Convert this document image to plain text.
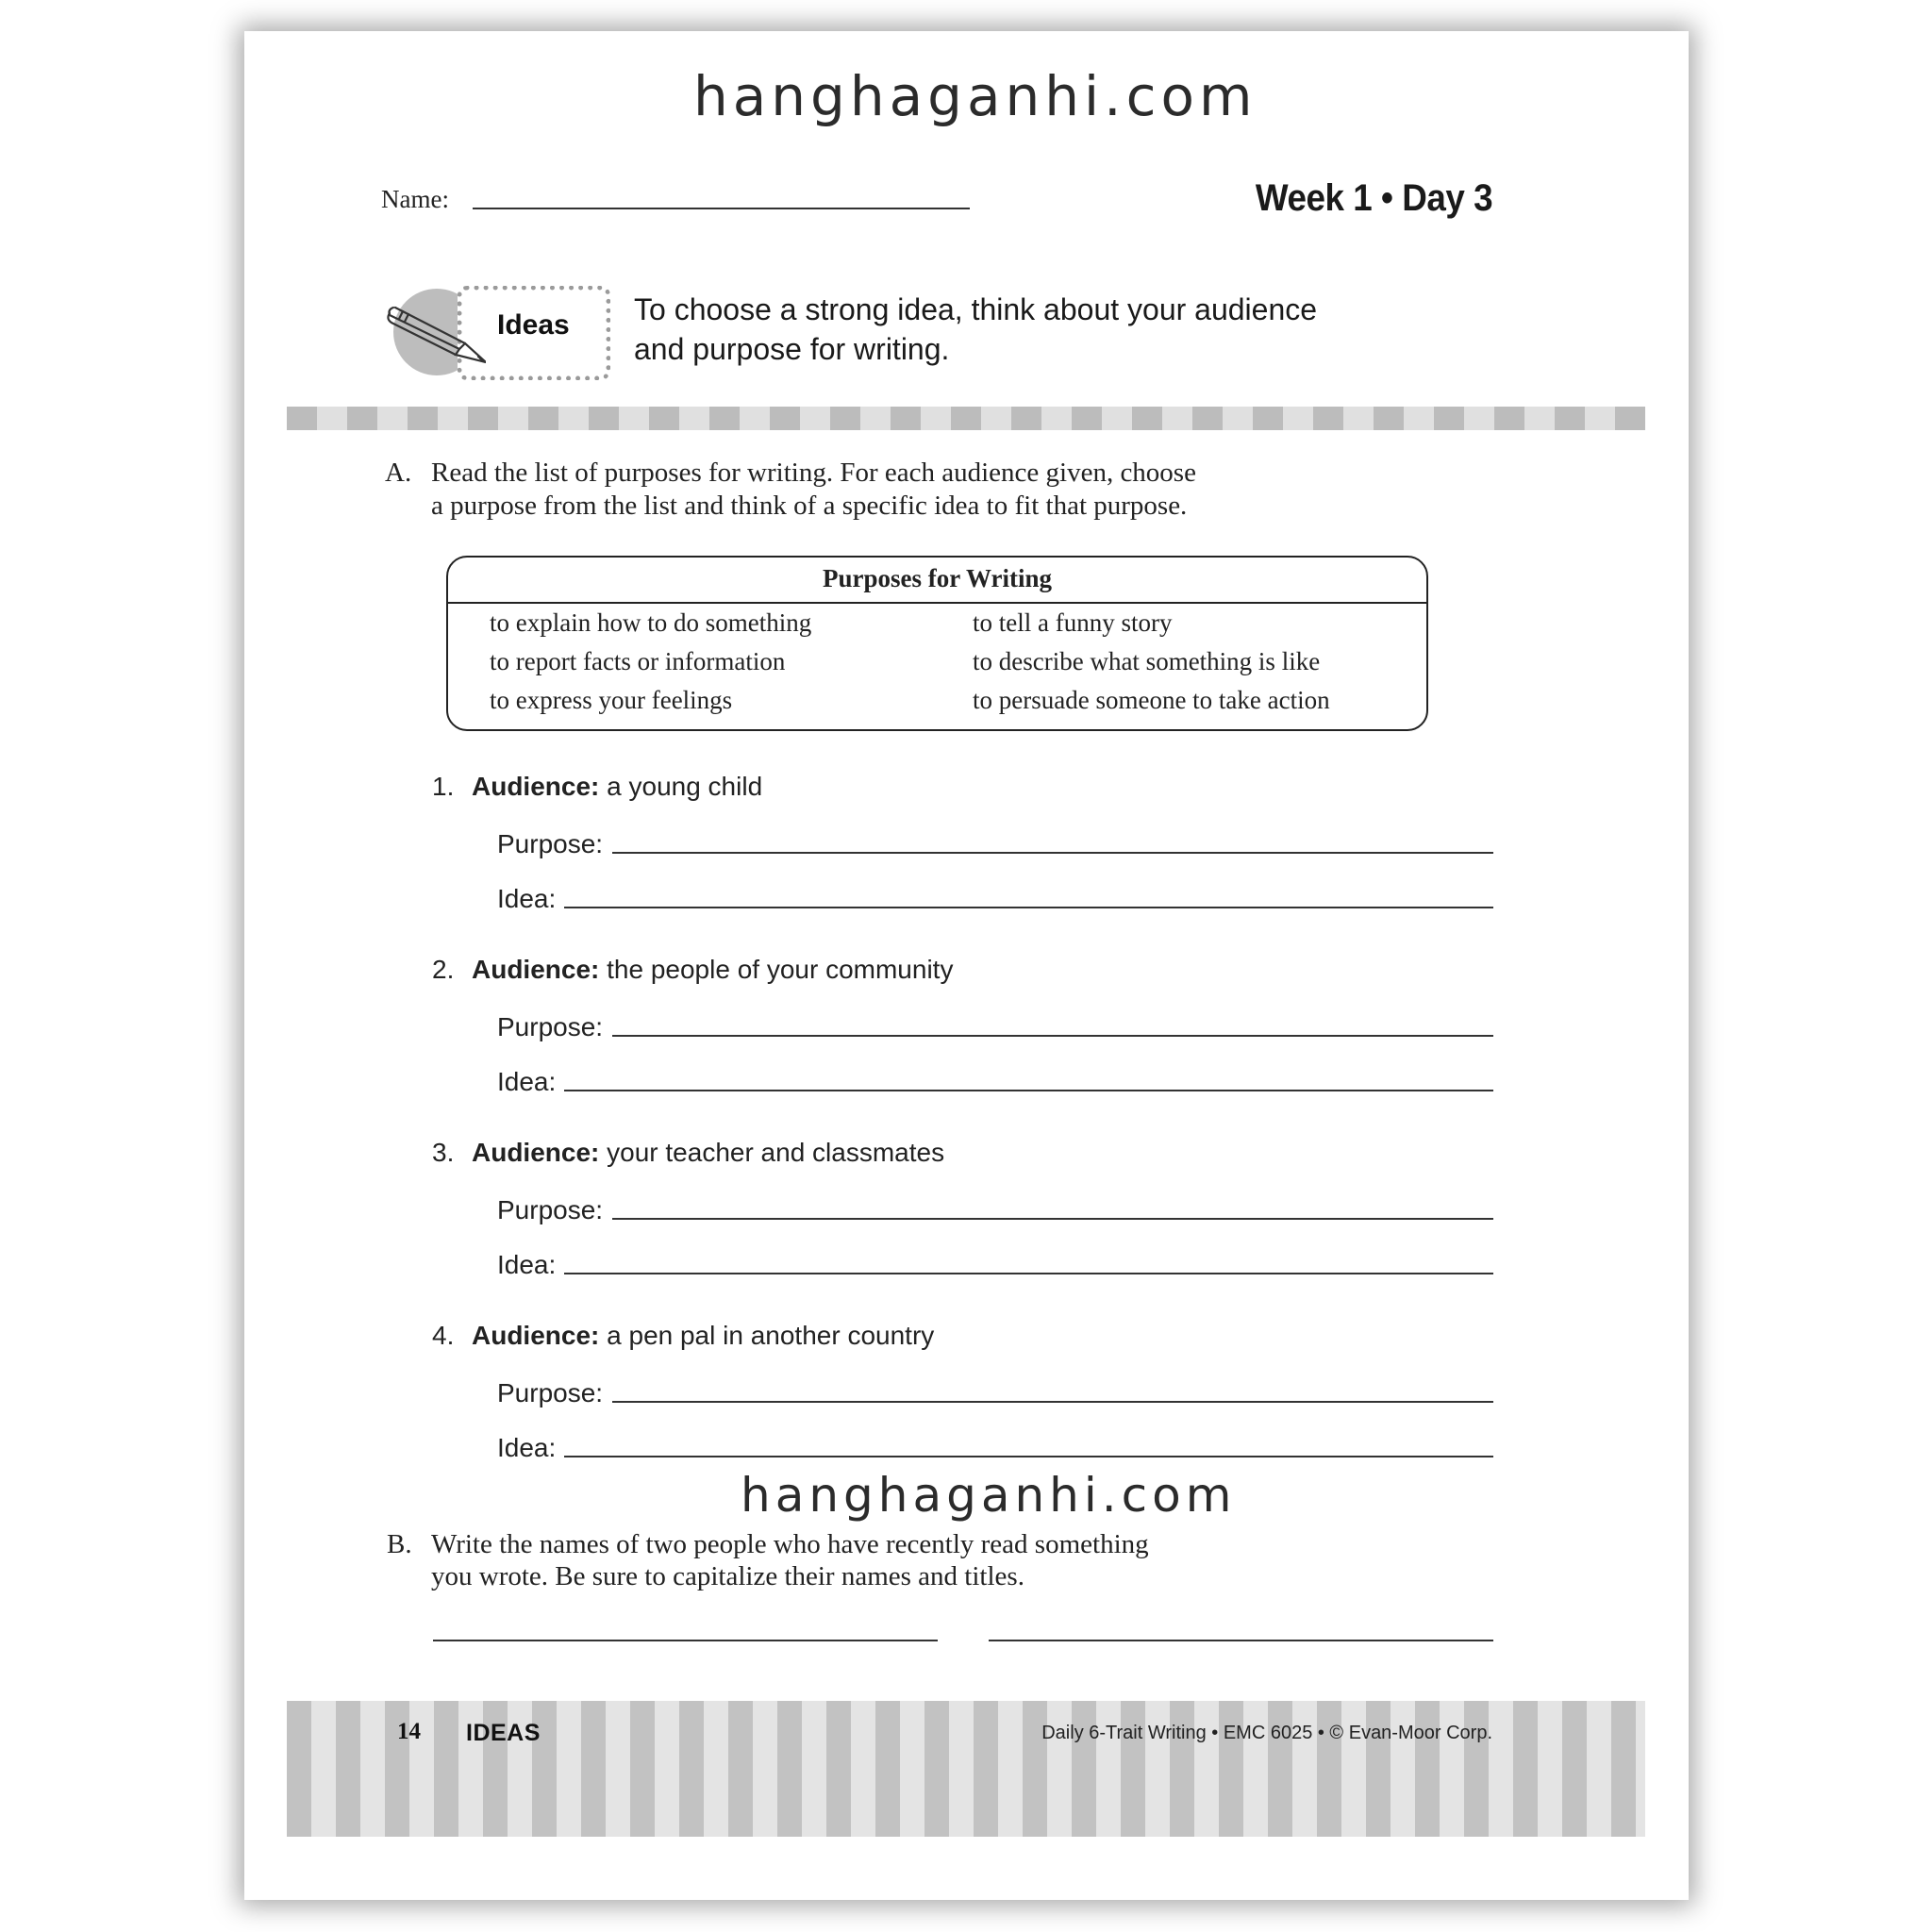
hanghaganhi.com
Name:	Week 1 • Day 3
Ideas To choose a strong idea, think about your audience
and purpose for writing.
A. Read the list of purposes for writing. For each audience given, choose
a purpose from the list and think of a specific idea to fit that purpose.
Purposes for Writing
to explain how to do something
to report facts or information
to express your feelings
to tell a funny story
to describe what something is like
to persuade someone to take action
1. Audience: a young child
Purpose:
Idea:
2. Audience: the people of your community
Purpose:
Idea:
3. Audience: your teacher and classmates
Purpose:
Idea:
4. Audience: a pen pal in another country
Purpose:
Idea:
hanghaganhi.com
B. Write the names of two people who have recently read something
you wrote. Be sure to capitalize their names and titles.
14 IDEAS	Daily 6-Trait Writing • EMC 6025 • © Evan-Moor Corp.
